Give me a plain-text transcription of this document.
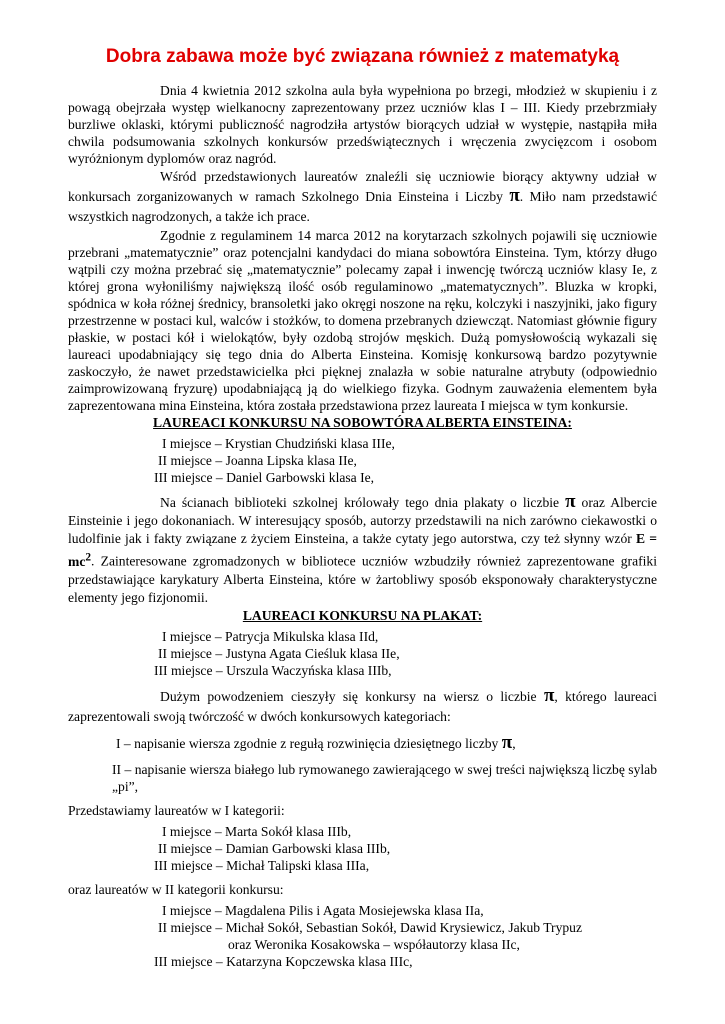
Dobra zabawa może być związana również z matematyką

Dnia 4 kwietnia 2012 szkolna aula była wypełniona po brzegi, młodzież w skupieniu i z powagą obejrzała występ wielkanocny zaprezentowany przez uczniów klas I – III. Kiedy przebrzmiały burzliwe oklaski, którymi publiczność nagrodziła artystów biorących udział w występie, nastąpiła miła chwila podsumowania szkolnych konkursów przedświątecznych i wręczenia zwycięzcom i osobom wyróżnionym dyplomów oraz nagród.

Wśród przedstawionych laureatów znaleźli się uczniowie biorący aktywny udział w konkursach zorganizowanych w ramach Szkolnego Dnia Einsteina i Liczby π. Miło nam przedstawić wszystkich nagrodzonych, a także ich prace.

Zgodnie z regulaminem 14 marca 2012 na korytarzach szkolnych pojawili się uczniowie przebrani „matematycznie” oraz potencjalni kandydaci do miana sobowtóra Einsteina. Tym, którzy długo wątpili czy można przebrać się „matematycznie” polecamy zapał i inwencję twórczą uczniów klasy Ie, z której grona wyłoniliśmy największą ilość osób regulaminowo „matematycznych”. Bluzka w kropki, spódnica w koła różnej średnicy, bransoletki jako okręgi noszone na ręku, kolczyki i naszyjniki, jako figury przestrzenne w postaci kul, walców i stożków, to domena przebranych dziewcząt. Natomiast głównie figury płaskie, w postaci kół i wielokątów, były ozdobą strojów męskich. Dużą pomysłowością wykazali się laureaci upodabniający się tego dnia do Alberta Einsteina. Komisję konkursową bardzo pozytywnie zaskoczyło, że nawet przedstawicielka płci pięknej znalazła w sobie naturalne atrybuty (odpowiednio zaimprowizowaną fryzurę) upodabniającą ją do wielkiego fizyka. Godnym zauważenia elementem była zaprezentowana mina Einsteina, która została przedstawiona przez laureata I miejsca w tym konkursie.

LAUREACI KONKURSU NA SOBOWTÓRA ALBERTA EINSTEINA:

I miejsce – Krystian Chudziński klasa IIIe,
II miejsce – Joanna Lipska klasa IIe,
III miejsce – Daniel Garbowski klasa Ie,

Na ścianach biblioteki szkolnej królowały tego dnia plakaty o liczbie π oraz Albercie Einsteinie i jego dokonaniach. W interesujący sposób, autorzy przedstawili na nich zarówno ciekawostki o ludolfinie jak i fakty związane z życiem Einsteina, a także cytaty jego autorstwa, czy też słynny wzór $E = mc^2$. Zainteresowane zgromadzonych w bibliotece uczniów wzbudziły również zaprezentowane grafiki przedstawiające karykatury Alberta Einsteina, które w żartobliwy sposób eksponowały charakterystyczne elementy jego fizjonomii.

LAUREACI KONKURSU NA PLAKAT:

I miejsce – Patrycja Mikulska klasa IId,
II miejsce – Justyna Agata Cieśluk klasa IIe,
III miejsce – Urszula Waczyńska klasa IIIb,

Dużym powodzeniem cieszyły się konkursy na wiersz o liczbie π, którego laureaci zaprezentowali swoją twórczość w dwóch konkursowych kategoriach:

I – napisanie wiersza zgodnie z regułą rozwinięcia dziesiętnego liczby π,

II – napisanie wiersza białego lub rymowanego zawierającego w swej treści największą liczbę sylab „pi”,

Przedstawiamy laureatów w I kategorii:

I miejsce – Marta Sokół klasa IIIb,
II miejsce – Damian Garbowski klasa IIIb,
III miejsce – Michał Talipski klasa IIIa,

oraz laureatów w II kategorii konkursu:

I miejsce – Magdalena Pilis i Agata Mosiejewska klasa IIa,
II miejsce – Michał Sokół, Sebastian Sokół, Dawid Krysiewicz, Jakub Trypuz
oraz Weronika Kosakowska – współautorzy klasa IIc,
III miejsce – Katarzyna Kopczewska klasa IIIc,
